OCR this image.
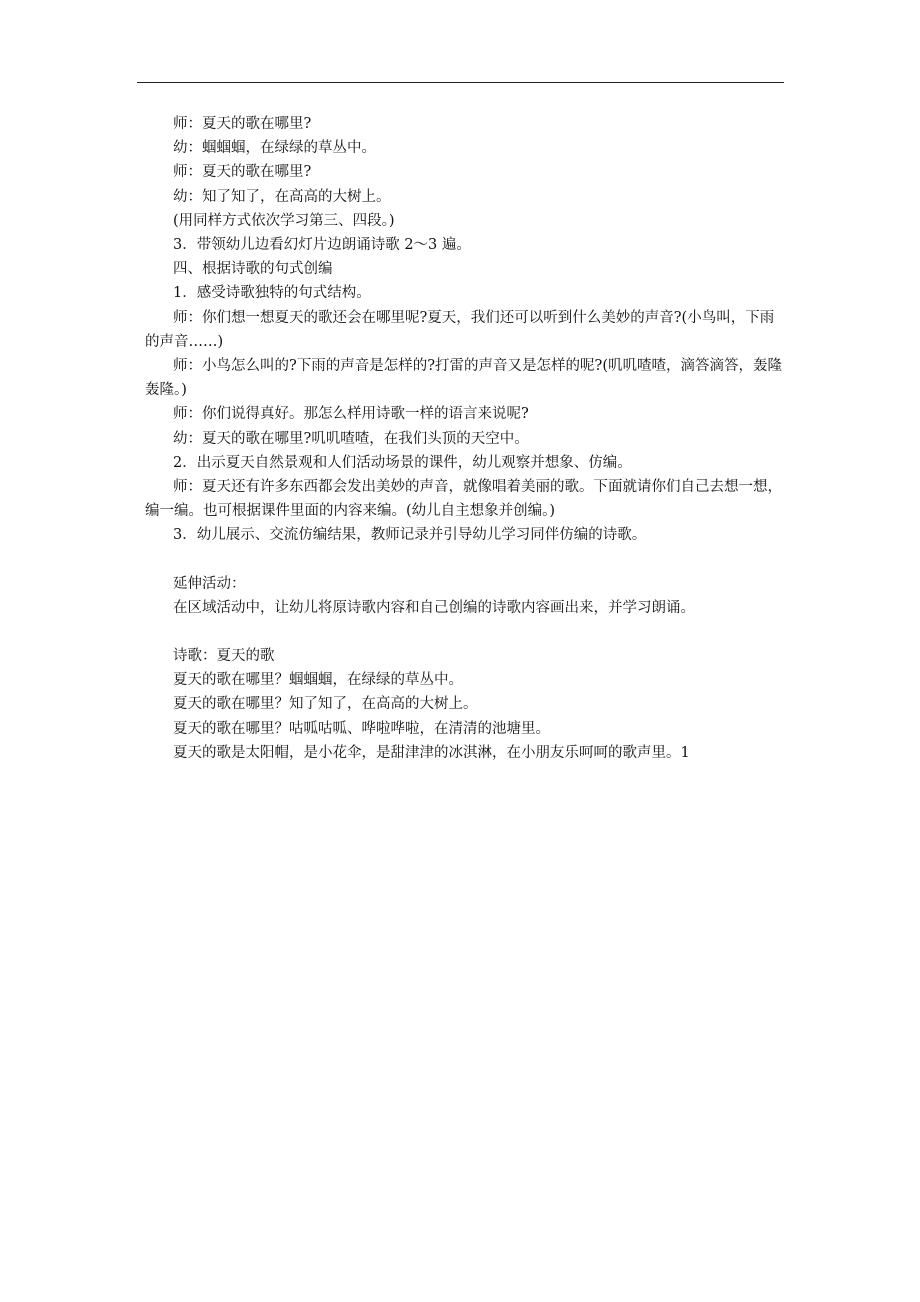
师：夏天的歌在哪里?

幼：蝈蝈蝈，在绿绿的草丛中。

师：夏天的歌在哪里?

幼：知了知了，在高高的大树上。

(用同样方式依次学习第三、四段。)

3．带领幼儿边看幻灯片边朗诵诗歌 2～3 遍。

四、根据诗歌的句式创编

1．感受诗歌独特的句式结构。

师：你们想一想夏天的歌还会在哪里呢?夏天，我们还可以听到什么美妙的声音?(小鸟叫，下雨的声音……)

师：小鸟怎么叫的?下雨的声音是怎样的?打雷的声音又是怎样的呢?(叽叽喳喳，滴答滴答，轰隆轰隆。)

师：你们说得真好。那怎么样用诗歌一样的语言来说呢?

幼：夏天的歌在哪里?叽叽喳喳，在我们头顶的天空中。

2．出示夏天自然景观和人们活动场景的课件，幼儿观察并想象、仿编。

师：夏天还有许多东西都会发出美妙的声音，就像唱着美丽的歌。下面就请你们自己去想一想，编一编。也可根据课件里面的内容来编。(幼儿自主想象并创编。)

3．幼儿展示、交流仿编结果，教师记录并引导幼儿学习同伴仿编的诗歌。

延伸活动：

在区域活动中，让幼儿将原诗歌内容和自己创编的诗歌内容画出来，并学习朗诵。

诗歌：夏天的歌

夏天的歌在哪里？蝈蝈蝈，在绿绿的草丛中。

夏天的歌在哪里？知了知了，在高高的大树上。

夏天的歌在哪里？咕呱咕呱、哗啦哗啦，在清清的池塘里。

夏天的歌是太阳帽，是小花伞，是甜津津的冰淇淋，在小朋友乐呵呵的歌声里。1
